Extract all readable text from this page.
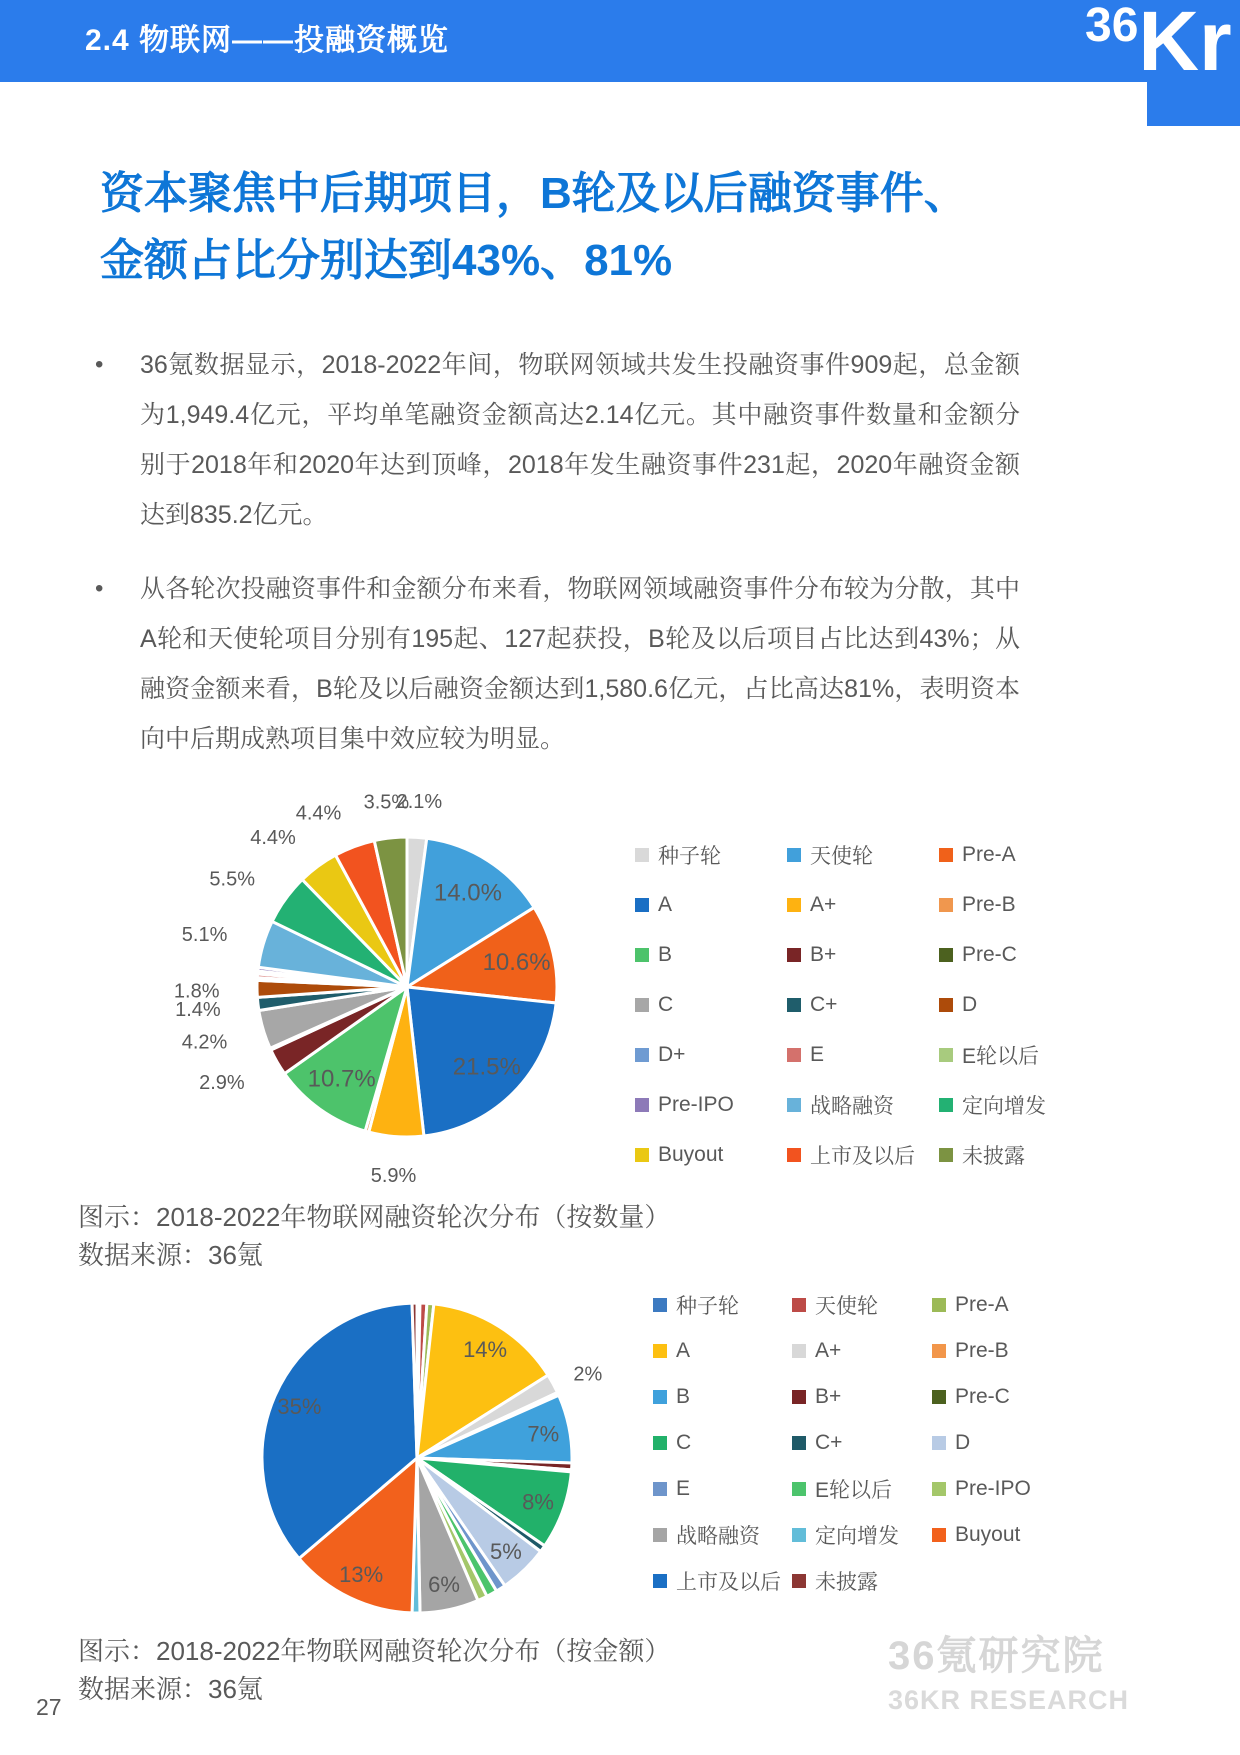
2.4 物联网——投融资概览	36 Kr
资本聚焦中后期项目，B轮及以后融资事件、
金额占比分别达到43%、81%
•	36氪数据显示，2018-2022年间，物联网领域共发生投融资事件909起，总金额为1,949.4亿元，平均单笔融资金额高达2.14亿元。其中融资事件数量和金额分别于2018年和2020年达到顶峰，2018年发生融资事件231起，2020年融资金额达到835.2亿元。
•	从各轮次投融资事件和金额分布来看，物联网领域融资事件分布较为分散，其中A轮和天使轮项目分别有195起、127起获投，B轮及以后项目占比达到43%；从融资金额来看，B轮及以后融资金额达到1,580.6亿元，占比高达81%，表明资本向中后期成熟项目集中效应较为明显。
2.1%
14.0%
10.6%
21.5%
5.9%
10.7%
2.9%
4.2%
1.4%
1.8%
5.1%
5.5%
4.4%
4.4% 3.5%
种子轮	天使轮	Pre-A
A	A+	Pre-B
B	B+	Pre-C
C	C+	D
D+	E	E轮以后
Pre-IPO	战略融资	定向增发
Buyout	上市及以后 未披露
图示：2018-2022年物联网融资轮次分布（按数量）
数据来源：36氪
14%
2%
7%
8%
5%
6%
13%
35%
种子轮	天使轮	Pre-A
A	A+	Pre-B
B	B+	Pre-C
C	C+	D
E	E轮以后	Pre-IPO
战略融资	定向增发	Buyout
上市及以后 未披露
图示：2018-2022年物联网融资轮次分布（按金额）
数据来源：36氪
27
36氪研究院
36KR RESEARCH
